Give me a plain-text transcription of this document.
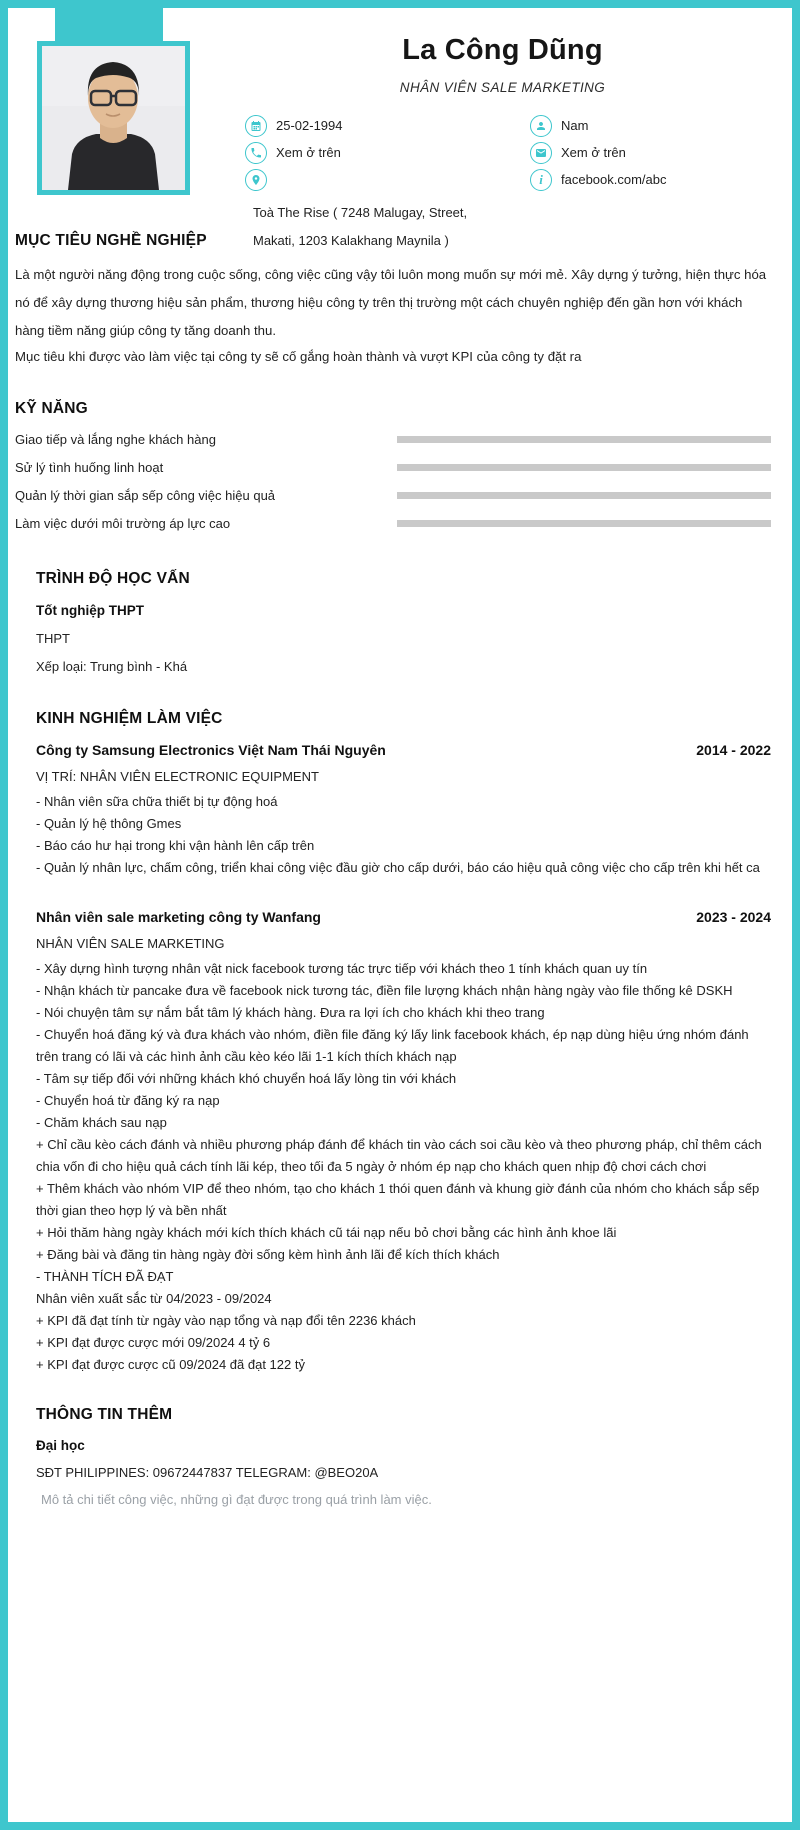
La Công Dũng
NHÂN VIÊN SALE MARKETING
25-02-1994	Nam
Xem ở trên	Xem ở trên
i facebook.com/abc
Toà The Rise ( 7248 Malugay, Street,
Makati, 1203 Kalakhang Maynila )
MỤC TIÊU NGHỀ NGHIỆP
Là một người năng động trong cuộc sống, công việc cũng vậy tôi luôn mong muốn sự mới mẻ. Xây dựng ý tưởng, hiện thực hóa nó để xây dựng thương hiệu sản phẩm, thương hiệu công ty trên thị trường một cách chuyên nghiệp đến gần hơn với khách hàng tiềm năng giúp công ty tăng doanh thu.
Mục tiêu khi được vào làm việc tại công ty sẽ cố gắng hoàn thành và vượt KPI của công ty đặt ra
KỸ NĂNG
Giao tiếp và lắng nghe khách hàng
Sử lý tình huống linh hoạt
Quản lý thời gian sắp sếp công việc hiệu quả
Làm việc dưới môi trường áp lực cao
TRÌNH ĐỘ HỌC VẤN
Tốt nghiệp THPT
THPT
Xếp loại: Trung bình - Khá
KINH NGHIỆM LÀM VIỆC
Công ty Samsung Electronics Việt Nam Thái Nguyên	2014 - 2022
VỊ TRÍ: NHÂN VIÊN ELECTRONIC EQUIPMENT
- Nhân viên sữa chữa thiết bị tự động hoá
- Quản lý hệ thông Gmes
- Báo cáo hư hại trong khi vận hành lên cấp trên
- Quản lý nhân lực, chấm công, triển khai công việc đầu giờ cho cấp dưới, báo cáo hiệu quả công việc cho cấp trên khi hết ca
Nhân viên sale marketing công ty Wanfang	2023 - 2024
NHÂN VIÊN SALE MARKETING
- Xây dựng hình tượng nhân vật nick facebook tương tác trực tiếp với khách theo 1 tính khách quan uy tín
- Nhận khách từ pancake đưa về facebook nick tương tác, điền file lượng khách nhận hàng ngày vào file thống kê DSKH
- Nói chuyện tâm sự nắm bắt tâm lý khách hàng. Đưa ra lợi ích cho khách khi theo trang
- Chuyển hoá đăng ký và đưa khách vào nhóm, điền file đăng ký lấy link facebook khách, ép nạp dùng hiệu ứng nhóm đánh trên trang có lãi và các hình ảnh cầu kèo kéo lãi 1-1 kích thích khách nạp
- Tâm sự tiếp đối với những khách khó chuyển hoá lấy lòng tin với khách
- Chuyển hoá từ đăng ký ra nạp
- Chăm khách sau nạp
+ Chỉ cầu kèo cách đánh và nhiều phương pháp đánh để khách tin vào cách soi cầu kèo và theo phương pháp, chỉ thêm cách chia vốn đi cho hiệu quả cách tính lãi kép, theo tối đa 5 ngày ở nhóm ép nạp cho khách quen nhịp độ chơi cách chơi
+ Thêm khách vào nhóm VIP để theo nhóm, tạo cho khách 1 thói quen đánh và khung giờ đánh của nhóm cho khách sắp sếp thời gian theo hợp lý và bền nhất
+ Hỏi thăm hàng ngày khách mới kích thích khách cũ tái nạp nếu bỏ chơi bằng các hình ảnh khoe lãi
+ Đăng bài và đăng tin hàng ngày đời sống kèm hình ảnh lãi để kích thích khách
- THÀNH TÍCH ĐÃ ĐẠT
Nhân viên xuất sắc từ 04/2023 - 09/2024
+ KPI đã đạt tính từ ngày vào nạp tổng và nạp đổi tên 2236 khách
+ KPI đạt được cược mới 09/2024 4 tỷ 6
+ KPI đạt được cược cũ 09/2024 đã đạt 122 tỷ
THÔNG TIN THÊM
Đại học
SĐT PHILIPPINES: 09672447837 TELEGRAM: @BEO20A
Mô tả chi tiết công việc, những gì đạt được trong quá trình làm việc.
